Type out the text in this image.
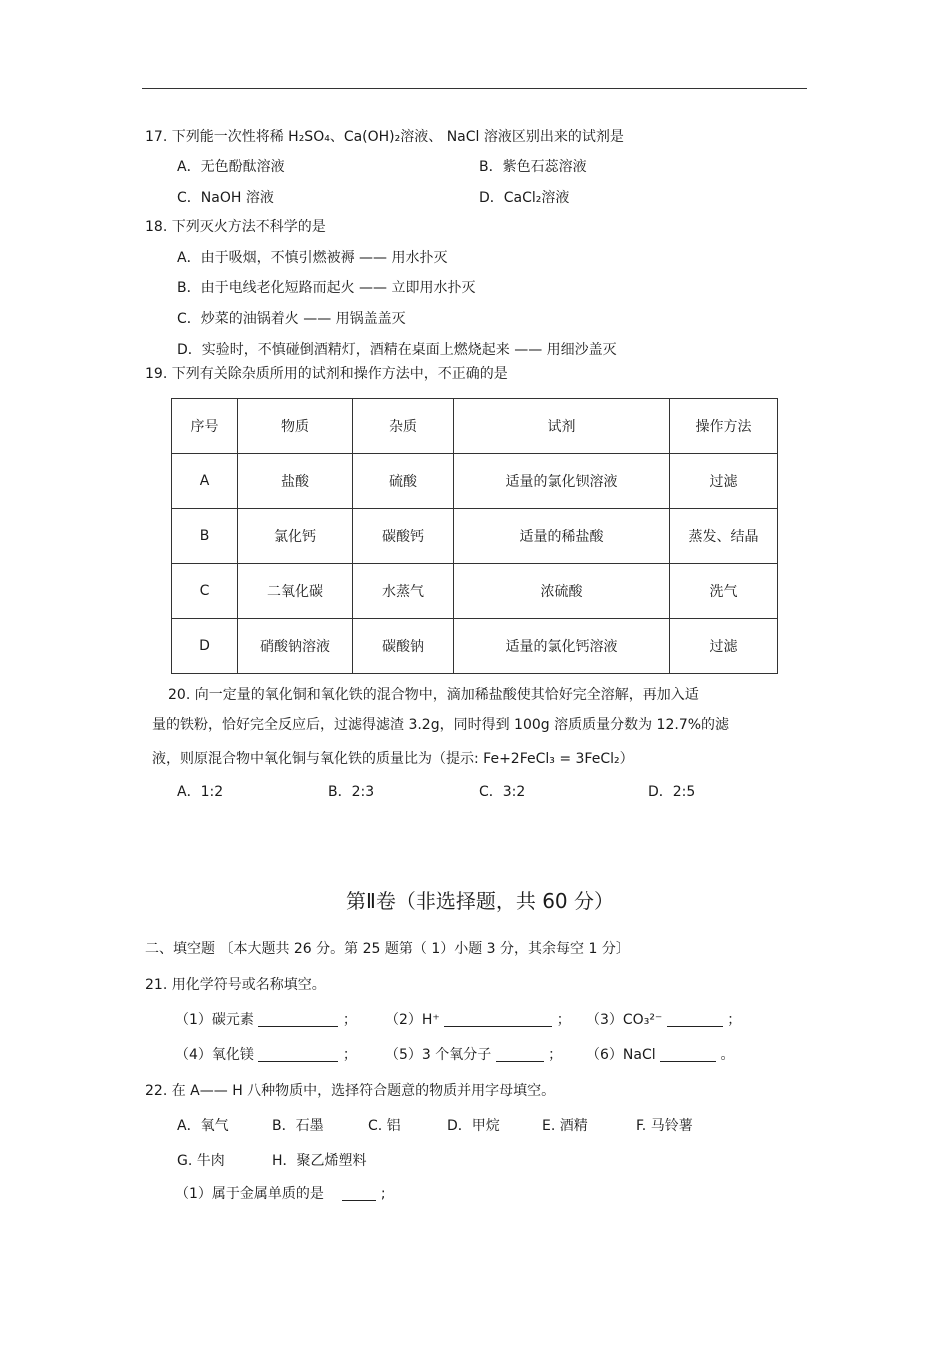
17. 下列能一次性将稀 H₂SO₄、Ca(OH)₂溶液、 NaCl 溶液区别出来的试剂是
A．无色酚酞溶液	B．紫色石蕊溶液
C．NaOH 溶液	D．CaCl₂溶液
18. 下列灭火方法不科学的是
A．由于吸烟，不慎引燃被褥 —— 用水扑灭
B．由于电线老化短路而起火 —— 立即用水扑灭
C．炒菜的油锅着火 —— 用锅盖盖灭
D．实验时，不慎碰倒酒精灯，酒精在桌面上燃烧起来 —— 用细沙盖灭
19. 下列有关除杂质所用的试剂和操作方法中，不正确的是
序号	物质	杂质	试剂	操作方法
A	盐酸	硫酸	适量的氯化钡溶液	过滤
B	氯化钙	碳酸钙	适量的稀盐酸	蒸发、结晶
C	二氧化碳	水蒸气	浓硫酸	洗气
D	硝酸钠溶液	碳酸钠	适量的氯化钙溶液	过滤
20. 向一定量的氧化铜和氧化铁的混合物中，滴加稀盐酸使其恰好完全溶解，再加入适
量的铁粉，恰好完全反应后，过滤得滤渣 3.2g，同时得到 100g 溶质质量分数为 12.7%的滤
液，则原混合物中氧化铜与氧化铁的质量比为（提示: Fe+2FeCl₃ = 3FeCl₂）
A．1:2	B．2:3	C．3:2	D．2:5
第Ⅱ卷（非选择题，共 60 分）
二、填空题 〔本大题共 26 分。第 25 题第（ 1）小题 3 分，其余每空 1 分〕
21. 用化学符号或名称填空。
（1）碳元素	； （2）H⁺	； （3）CO₃²⁻	；
（4）氧化镁	； （5）3 个氧分子	； （6）NaCl	。
22. 在 A—— H 八种物质中，选择符合题意的物质并用字母填空。
A．氧气	B．石墨	C. 铝	D．甲烷	E. 酒精	F. 马铃薯
G. 牛肉	H．聚乙烯塑料
（1）属于金属单质的是	;
